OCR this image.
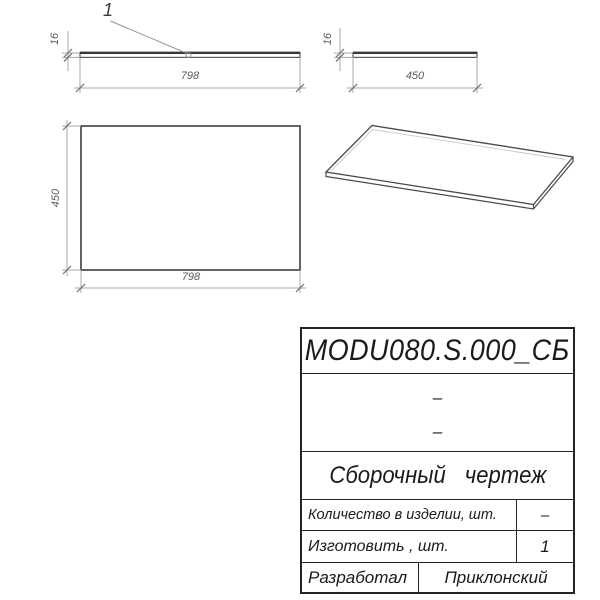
1
16
798
16
450
450
798
MODU080.S.000_СБ
–
–
Сборочный чертеж
Количество в изделии, шт.	–
Изготовить , шт.	1
Разработал	Приклонский
